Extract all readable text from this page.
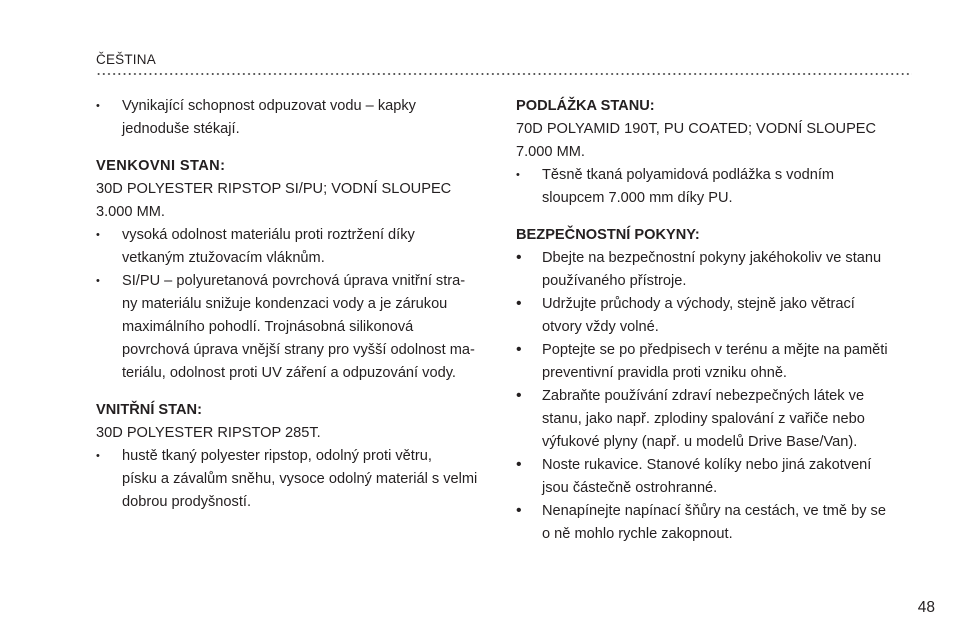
ČEŠTINA
• Vynikající schopnost odpuzovat vodu – kapky
jednoduše stékají.
VENKOVNI STAN:

30D POLYESTER RIPSTOP SI/PU; VODNÍ SLOUPEC
3.000 MM.

• vysoká odolnost materiálu proti roztržení díky
vetkaným ztužovacím vláknům.
• SI/PU – polyuretanová povrchová úprava vnitřní stra-
ny materiálu snižuje kondenzaci vody a je zárukou
maximálního pohodlí. Trojnásobná silikonová
povrchová úprava vnější strany pro vyšší odolnost ma-
teriálu, odolnost proti UV záření a odpuzování vody.
VNITŘNÍ STAN:

30D POLYESTER RIPSTOP 285T.

• hustě tkaný polyester ripstop, odolný proti větru,
písku a závalům sněhu, vysoce odolný materiál s velmi
dobrou prodyšností.
PODLÁŽKA STANU:

70D POLYAMID 190T, PU COATED; VODNÍ SLOUPEC
7.000 MM.

• Těsně tkaná polyamidová podlážka s vodním
sloupcem 7.000 mm díky PU.
BEZPEČNOSTNÍ POKYNY:
• Dbejte na bezpečnostní pokyny jakéhokoliv ve stanu
používaného přístroje.
• Udržujte průchody a východy, stejně jako větrací
otvory vždy volné.
• Poptejte se po předpisech v terénu a mějte na paměti
preventivní pravidla proti vzniku ohně.
• Zabraňte používání zdraví nebezpečných látek ve
stanu, jako např. zplodiny spalování z vařiče nebo
výfukové plyny (např. u modelů Drive Base/Van).
• Noste rukavice. Stanové kolíky nebo jiná zakotvení
jsou částečně ostrohranné.
• Nenapínejte napínací šňůry na cestách, ve tmě by se
o ně mohlo rychle zakopnout.
48
